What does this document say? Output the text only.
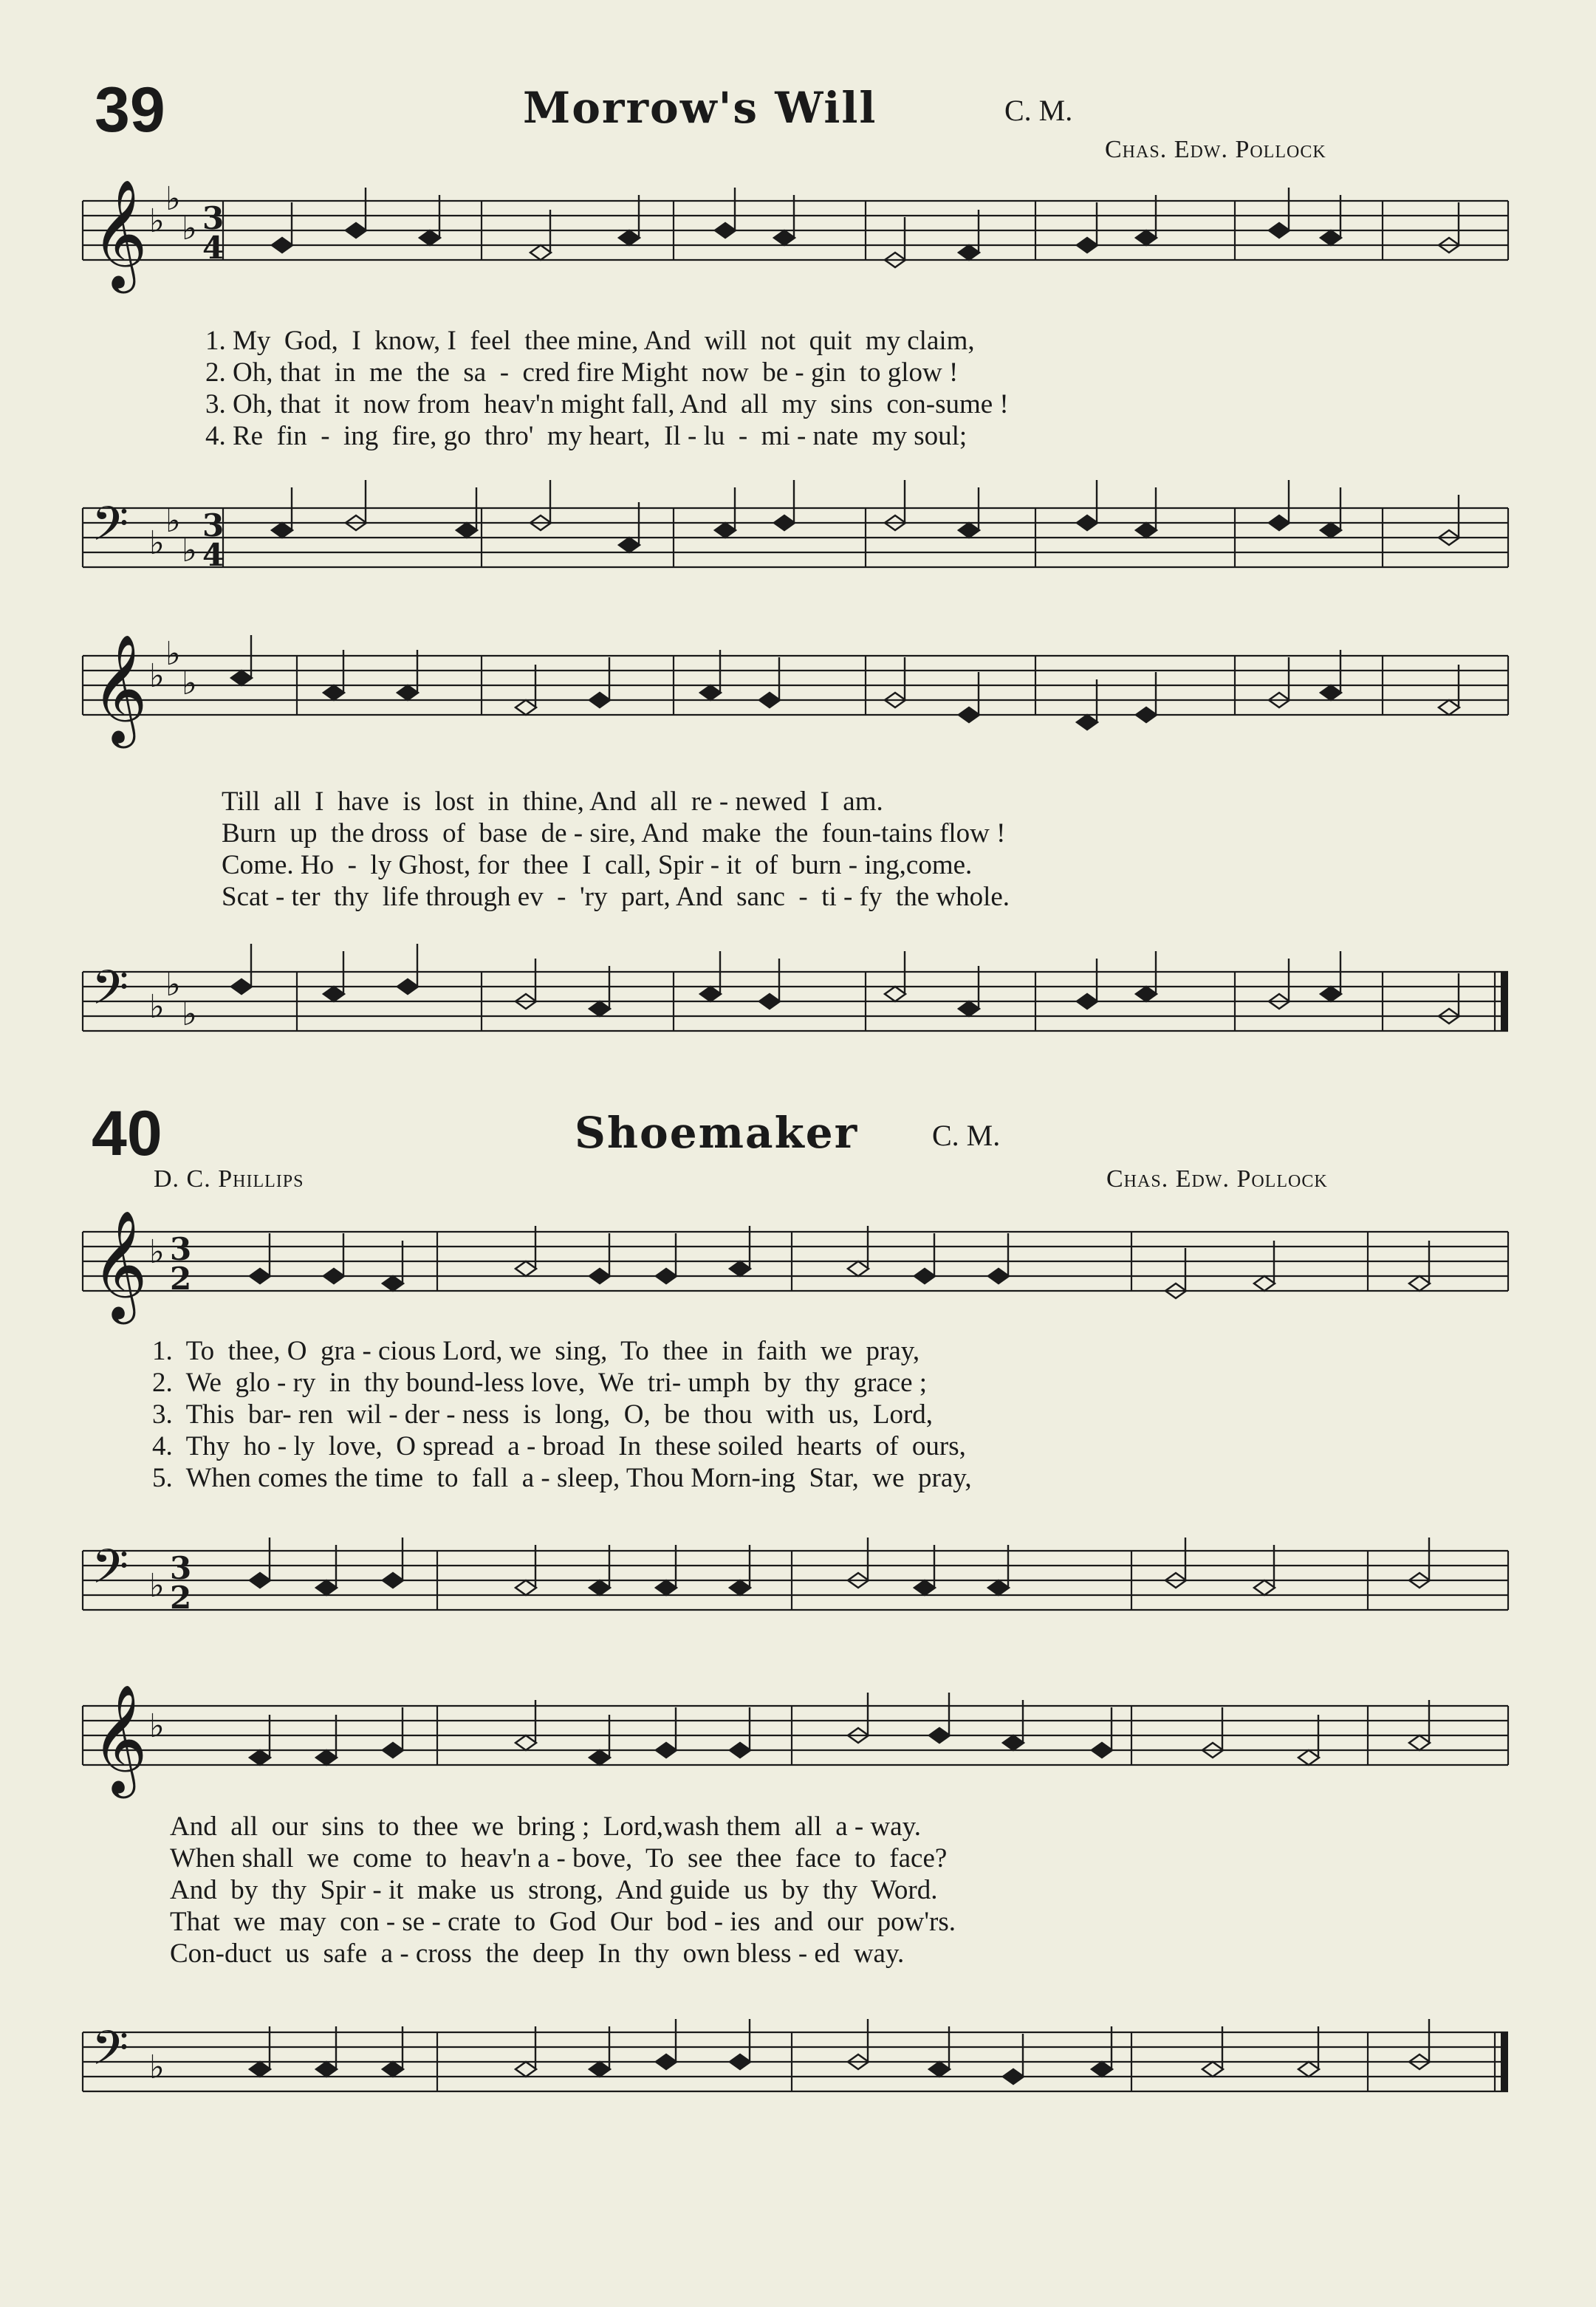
39	Morrow's Will	C. M.
Chas. Edw. Pollock
𝄞 ♭
♭
♭ 3
4
1. My  God,  I  know, I  feel  thee mine, And  will  not  quit  my claim,
2. Oh, that  in  me  the  sa  -  cred fire Might  now  be - gin  to glow !
3. Oh, that  it  now from  heav'n might fall, And  all  my  sins  con-sume !
4. Re  fin  -  ing  fire, go  thro'  my heart,  Il - lu  -  mi - nate  my soul;
𝄢 ♭
♭
♭
3
4
𝄞 ♭
♭
♭
Till  all  I  have  is  lost  in  thine, And  all  re - newed  I  am.
Burn  up  the dross  of  base  de - sire, And  make  the  foun-tains flow !
Come. Ho  -  ly Ghost, for  thee  I  call, Spir - it  of  burn - ing,come.
Scat - ter  thy  life through ev  -  'ry  part, And  sanc  -  ti - fy  the whole.
𝄢 ♭
♭
♭
40	Shoemaker C. M.
D. C. Phillips	Chas. Edw. Pollock
𝄞 ♭ 3
2
1.  To  thee, O  gra - cious Lord, we  sing,  To  thee  in  faith  we  pray,
2.  We  glo - ry  in  thy bound-less love,  We  tri- umph  by  thy  grace ;
3.  This  bar- ren  wil - der - ness  is  long,  O,  be  thou  with  us,  Lord,
4.  Thy  ho - ly  love,  O spread  a - broad  In  these soiled  hearts  of  ours,
5.  When comes the time  to  fall  a - sleep, Thou Morn-ing  Star,  we  pray,
𝄢 ♭ 3
2
𝄞 ♭
And  all  our  sins  to  thee  we  bring ;  Lord,wash them  all  a - way.
When shall  we  come  to  heav'n a - bove,  To  see  thee  face  to  face?
And  by  thy  Spir - it  make  us  strong,  And guide  us  by  thy  Word.
That  we  may  con - se - crate  to  God  Our  bod - ies  and  our  pow'rs.
Con-duct  us  safe  a - cross  the  deep  In  thy  own bless - ed  way.
𝄢 ♭
